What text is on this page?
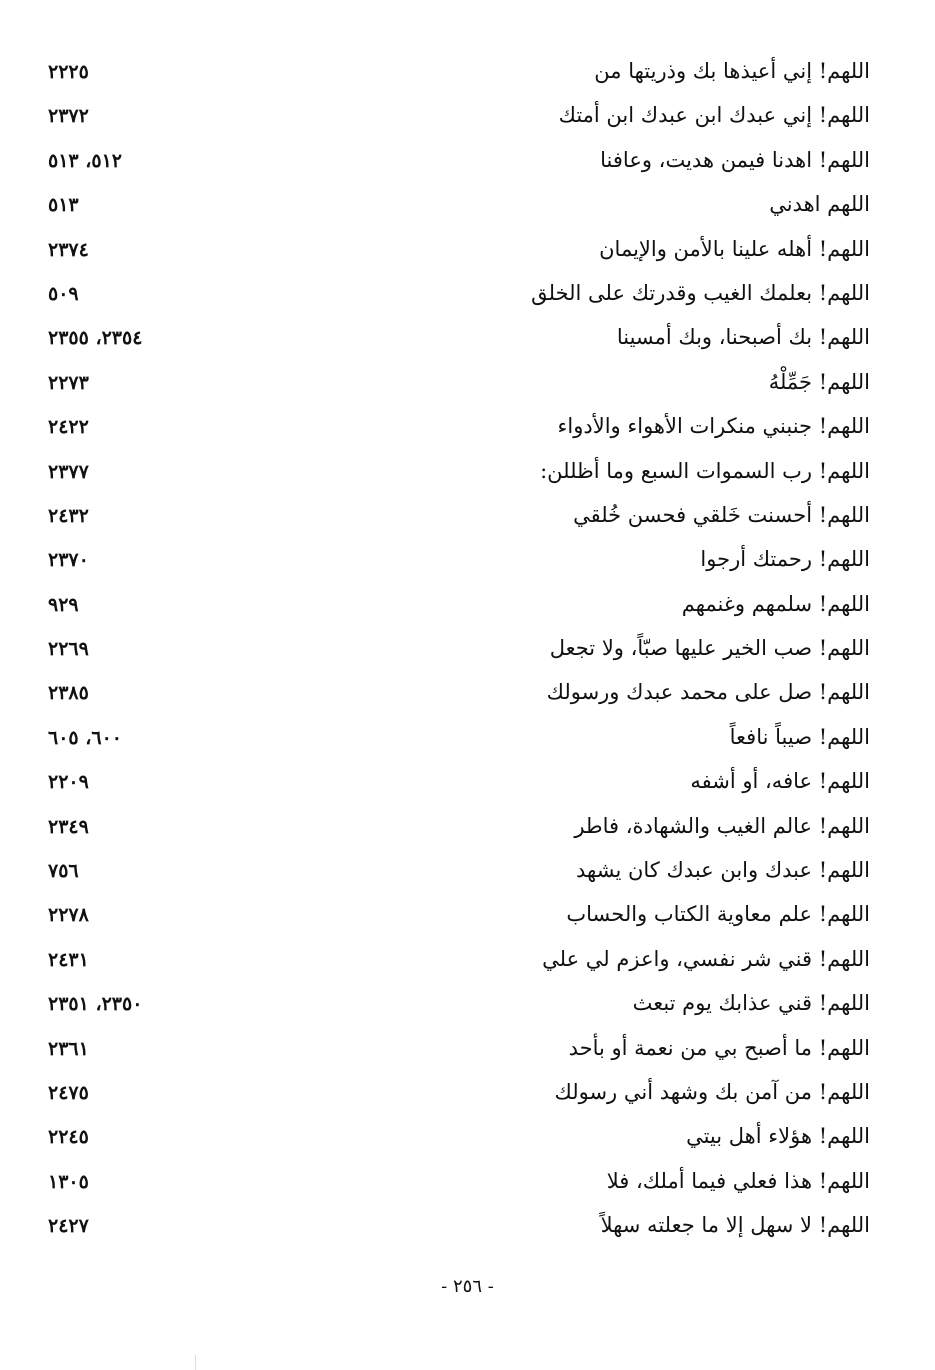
اللهم! إني أعيذها بك وذريتها من
٢٢٢٥
اللهم! إني عبدك ابن عبدك ابن أمتك
٢٣٧٢
اللهم! اهدنا فيمن هديت، وعافنا
٥١٢، ٥١٣
اللهم اهدني
٥١٣
اللهم! أهله علينا بالأمن والإيمان
٢٣٧٤
اللهم! بعلمك الغيب وقدرتك على الخلق
٥٠٩
اللهم! بك أصبحنا، وبك أمسينا
٢٣٥٤، ٢٣٥٥
اللهم! جَمِّلْهُ
٢٢٧٣
اللهم! جنبني منكرات الأهواء والأدواء
٢٤٢٢
اللهم! رب السموات السبع وما أظللن:
٢٣٧٧
اللهم! أحسنت خَلقي فحسن خُلقي
٢٤٣٢
اللهم! رحمتك أرجوا
٢٣٧٠
اللهم! سلمهم وغنمهم
٩٢٩
اللهم! صب الخير عليها صبّاً، ولا تجعل
٢٢٦٩
اللهم! صل على محمد عبدك ورسولك
٢٣٨٥
اللهم! صيباً نافعاً
٦٠٠، ٦٠٥
اللهم! عافه، أو أشفه
٢٢٠٩
اللهم! عالم الغيب والشهادة، فاطر
٢٣٤٩
اللهم! عبدك وابن عبدك كان يشهد
٧٥٦
اللهم! علم معاوية الكتاب والحساب
٢٢٧٨
اللهم! قني شر نفسي، واعزم لي علي
٢٤٣١
اللهم! قني عذابك يوم تبعث
٢٣٥٠، ٢٣٥١
اللهم! ما أصبح بي من نعمة أو بأحد
٢٣٦١
اللهم! من آمن بك وشهد أني رسولك
٢٤٧٥
اللهم! هؤلاء أهل بيتي
٢٢٤٥
اللهم! هذا فعلي فيما أملك، فلا
١٣٠٥
اللهم! لا سهل إلا ما جعلته سهلاً
٢٤٢٧
- ٢٥٦ -
